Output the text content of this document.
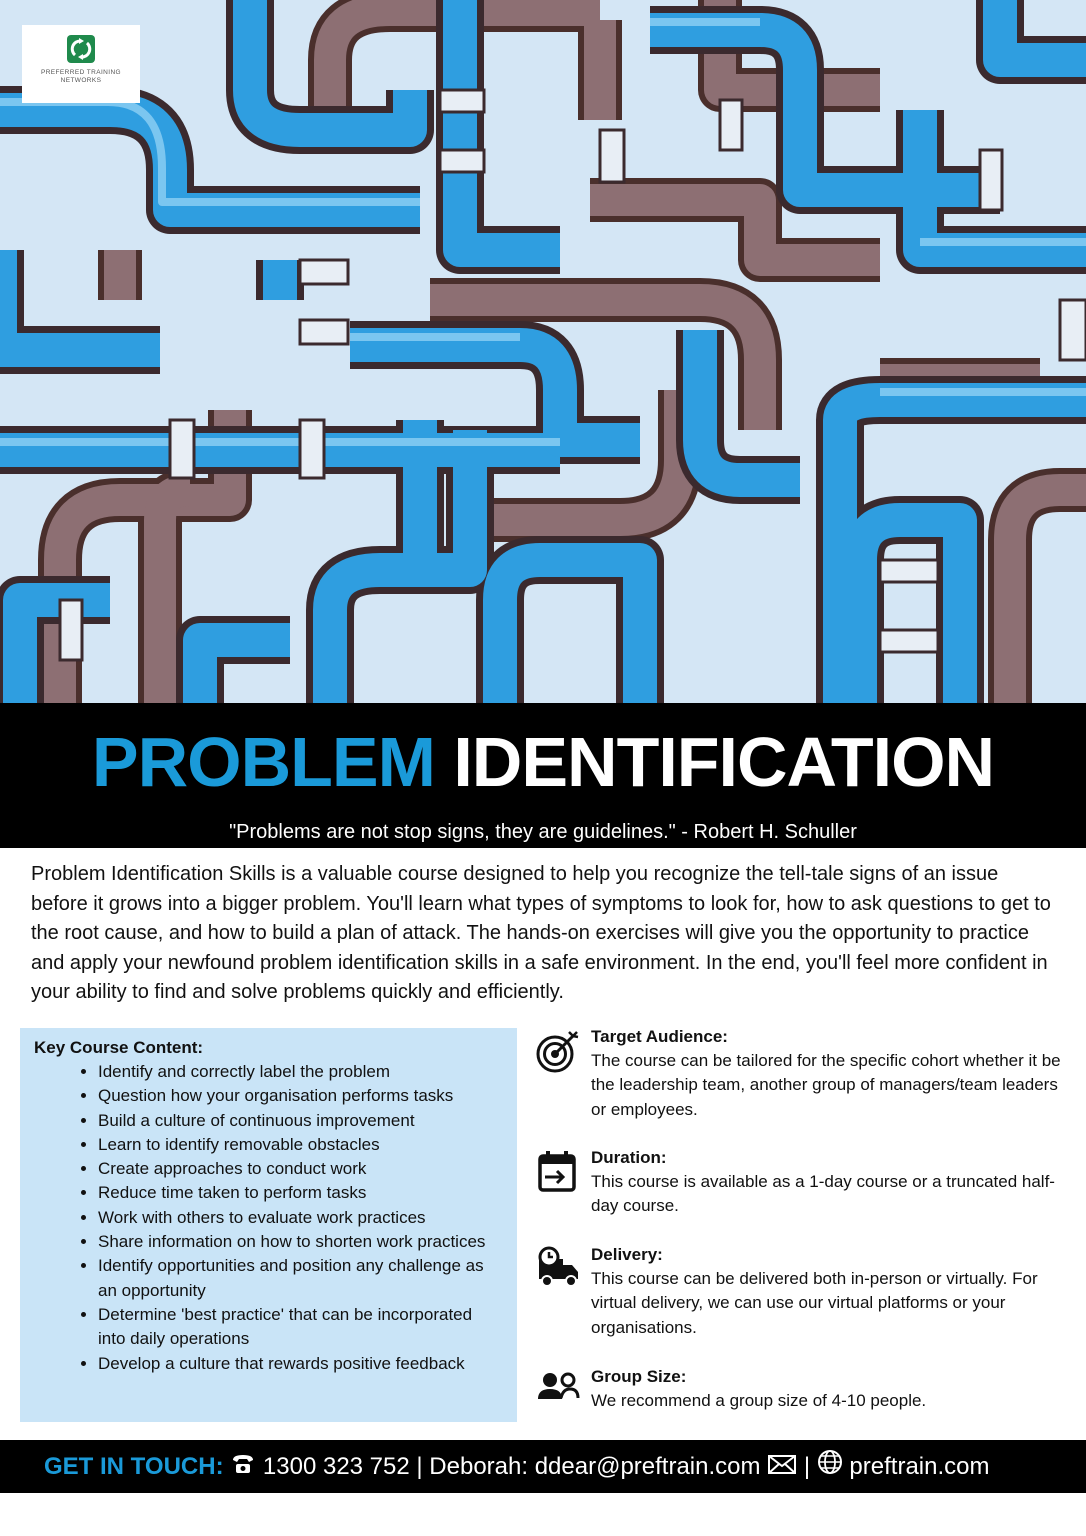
PREFERRED TRAINING NETWORKS
PROBLEM IDENTIFICATION
"Problems are not stop signs, they are guidelines." - Robert H. Schuller

Problem Identification Skills is a valuable course designed to help you recognize the tell-tale signs of an issue before it grows into a bigger problem. You'll learn what types of symptoms to look for, how to ask questions to get to the root cause, and how to build a plan of attack. The hands-on exercises will give you the opportunity to practice and apply your newfound problem identification skills in a safe environment. In the end, you'll feel more confident in your ability to find and solve problems quickly and efficiently.

Key Course Content:
• Identify and correctly label the problem
• Question how your organisation performs tasks
• Build a culture of continuous improvement
• Learn to identify removable obstacles
• Create approaches to conduct work
• Reduce time taken to perform tasks
• Work with others to evaluate work practices
• Share information on how to shorten work practices
• Identify opportunities and position any challenge as an opportunity
• Determine 'best practice' that can be incorporated into daily operations
• Develop a culture that rewards positive feedback
Target Audience:
The course can be tailored for the specific cohort whether it be the leadership team, another group of managers/team leaders or employees.
Duration:
This course is available as a 1-day course or a truncated half-day course.
Delivery:
This course can be delivered both in-person or virtually. For virtual delivery, we can use our virtual platforms or your organisations.
Group Size:
We recommend a group size of 4-10 people.
GET IN TOUCH: 1300 323 752 | Deborah: ddear@preftrain.com | preftrain.com
